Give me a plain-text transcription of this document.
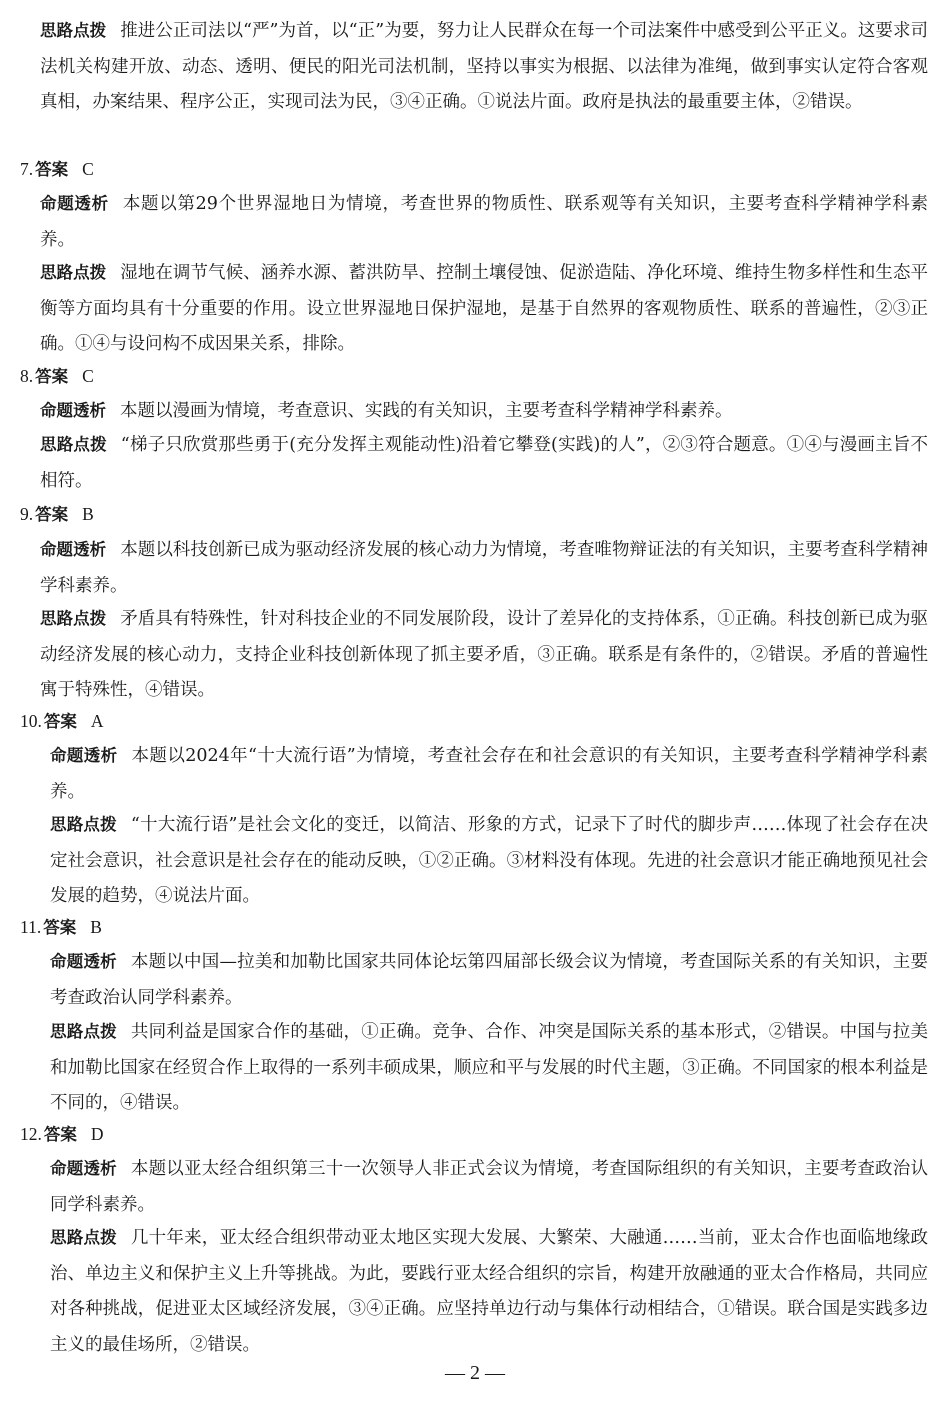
思路点拨 推进公正司法以“严”为首，以“正”为要，努力让人民群众在每一个司法案件中感受到公平正义。这要求司法机关构建开放、动态、透明、便民的阳光司法机制，坚持以事实为根据、以法律为准绳，做到事实认定符合客观真相，办案结果、程序公正，实现司法为民，③④正确。①说法片面。政府是执法的最重要主体，②错误。
7. 答案 C
命题透析 本题以第29个世界湿地日为情境，考查世界的物质性、联系观等有关知识，主要考查科学精神学科素养。
思路点拨 湿地在调节气候、涵养水源、蓄洪防旱、控制土壤侵蚀、促淤造陆、净化环境、维持生物多样性和生态平衡等方面均具有十分重要的作用。设立世界湿地日保护湿地，是基于自然界的客观物质性、联系的普遍性，②③正确。①④与设问构不成因果关系，排除。
8. 答案 C
命题透析 本题以漫画为情境，考查意识、实践的有关知识，主要考查科学精神学科素养。
思路点拨 “梯子只欣赏那些勇于(充分发挥主观能动性)沿着它攀登(实践)的人”，②③符合题意。①④与漫画主旨不相符。
9. 答案 B
命题透析 本题以科技创新已成为驱动经济发展的核心动力为情境，考查唯物辩证法的有关知识，主要考查科学精神学科素养。
思路点拨 矛盾具有特殊性，针对科技企业的不同发展阶段，设计了差异化的支持体系，①正确。科技创新已成为驱动经济发展的核心动力，支持企业科技创新体现了抓主要矛盾，③正确。联系是有条件的，②错误。矛盾的普遍性寓于特殊性，④错误。
10. 答案 A
命题透析 本题以2024年“十大流行语”为情境，考查社会存在和社会意识的有关知识，主要考查科学精神学科素养。
思路点拨 “十大流行语”是社会文化的变迁，以简洁、形象的方式，记录下了时代的脚步声……体现了社会存在决定社会意识，社会意识是社会存在的能动反映，①②正确。③材料没有体现。先进的社会意识才能正确地预见社会发展的趋势，④说法片面。
11. 答案 B
命题透析 本题以中国—拉美和加勒比国家共同体论坛第四届部长级会议为情境，考查国际关系的有关知识，主要考查政治认同学科素养。
思路点拨 共同利益是国家合作的基础，①正确。竞争、合作、冲突是国际关系的基本形式，②错误。中国与拉美和加勒比国家在经贸合作上取得的一系列丰硕成果，顺应和平与发展的时代主题，③正确。不同国家的根本利益是不同的，④错误。
12. 答案 D
命题透析 本题以亚太经合组织第三十一次领导人非正式会议为情境，考查国际组织的有关知识，主要考查政治认同学科素养。
思路点拨 几十年来，亚太经合组织带动亚太地区实现大发展、大繁荣、大融通……当前，亚太合作也面临地缘政治、单边主义和保护主义上升等挑战。为此，要践行亚太经合组织的宗旨，构建开放融通的亚太合作格局，共同应对各种挑战，促进亚太区域经济发展，③④正确。应坚持单边行动与集体行动相结合，①错误。联合国是实践多边主义的最佳场所，②错误。
— 2 —
